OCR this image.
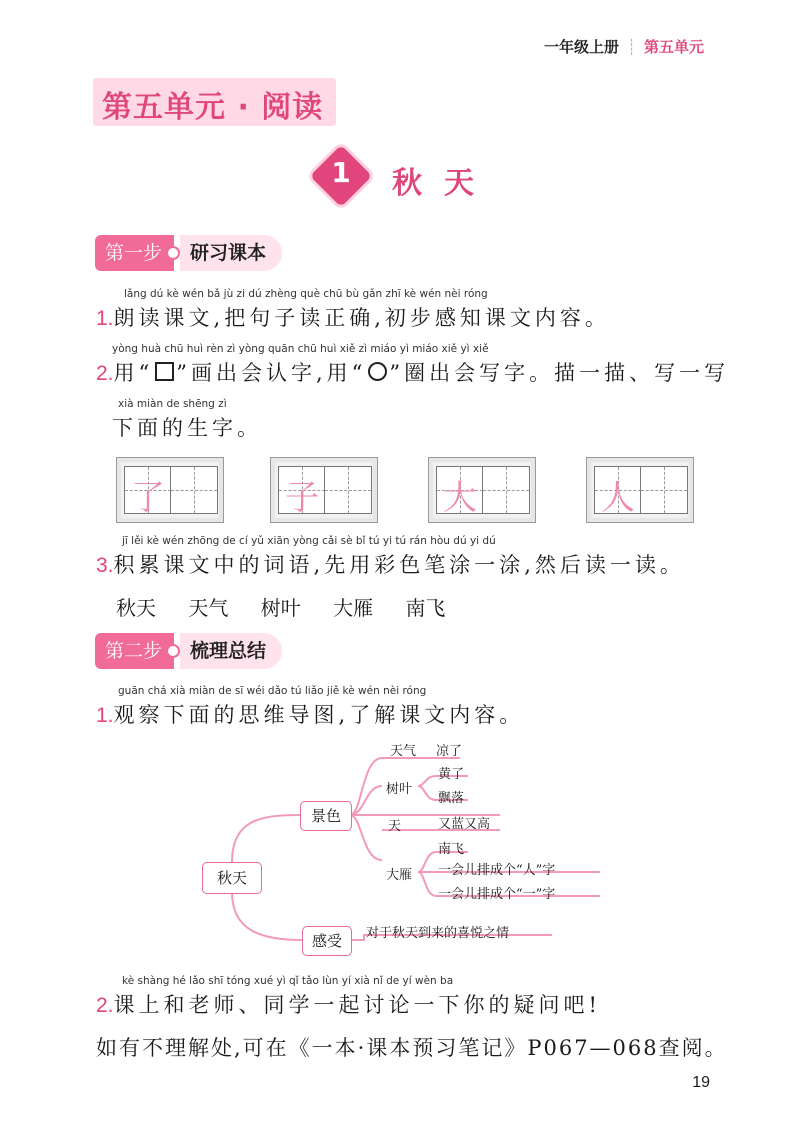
一年级上册 ┊ 第五单元
第五单元 · 阅读
1	秋天
第一步	研习课本
lǎng dú kè wén bǎ jù zi dú zhèng què chū bù gǎn zhī kè wén nèi róng
1.朗读课文,把句子读正确,初步感知课文内容。
yòng huà chū huì rèn zì yòng quān chū huì xiě zì miáo yì miáo xiě yì xiě
2.用“ ”画出会认字,用“ ”圈出会写字。描一描、写一写
xià miàn de shēng zì
下面的生字。
了	子	大	人
jī lěi kè wén zhōng de cí yǔ xiān yòng cǎi sè bǐ tú yi tú rán hòu dú yi dú
3.积累课文中的词语,先用彩色笔涂一涂,然后读一读。
秋天 天气 树叶 大雁 南飞
第二步	梳理总结
guān chá xià miàn de sī wéi dǎo tú liǎo jiě kè wén nèi róng
1.观察下面的思维导图,了解课文内容。
秋天
景色
感受
天气 凉了
树叶
黄了
飘落
天	又蓝又高
大雁
南飞
一会儿排成个“人”字
一会儿排成个“一”字
对于秋天到来的喜悦之情
kè shàng hé lǎo shī tóng xué yì qǐ tǎo lùn yí xià nǐ de yí wèn ba
2.课上和老师、同学一起讨论一下你的疑问吧!
如有不理解处,可在《一本·课本预习笔记》P067—068查阅。
19
